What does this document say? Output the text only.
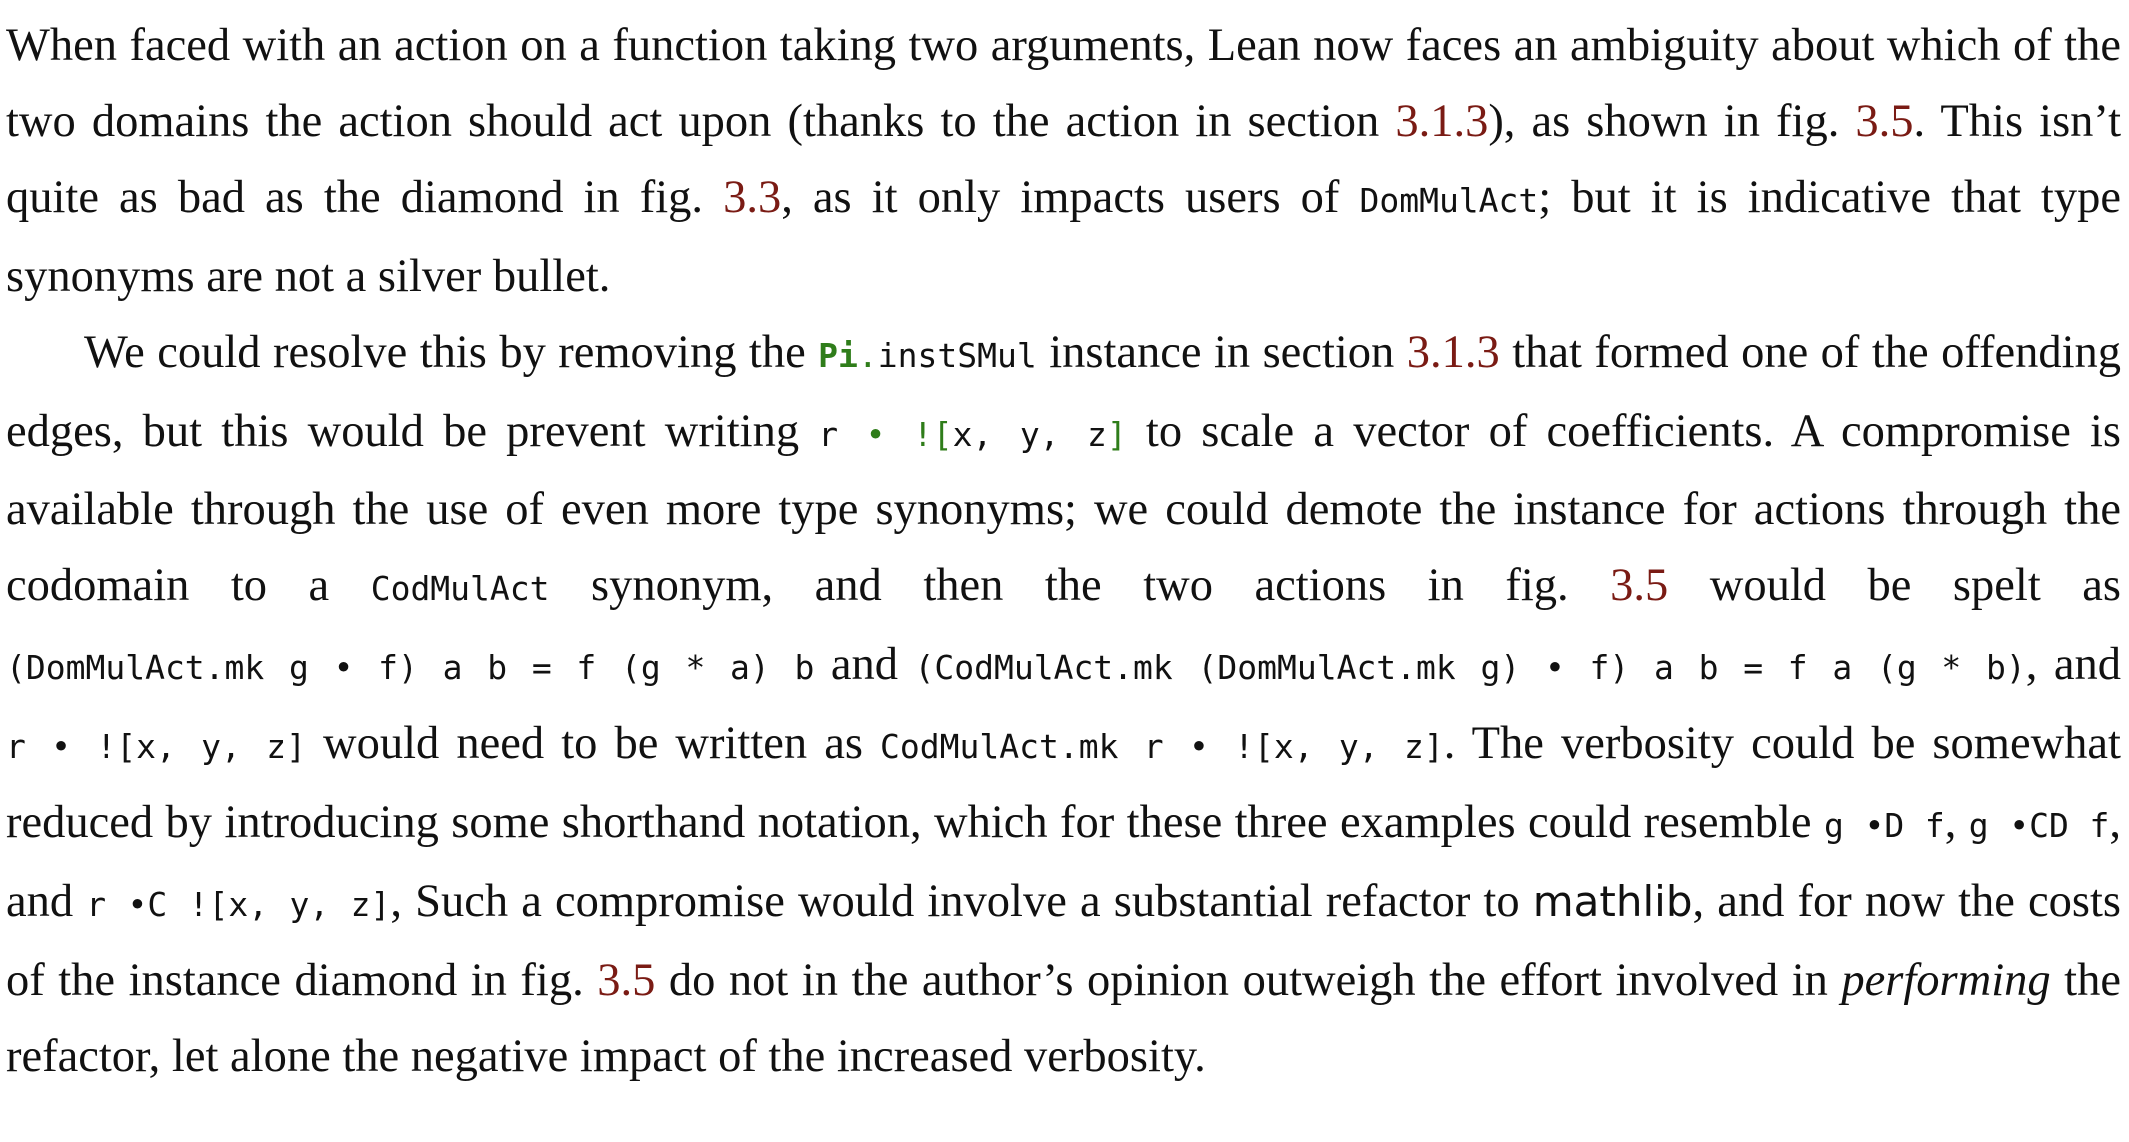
When faced with an action on a function taking two arguments, Lean now faces an ambiguity about which of the two domains the action should act upon (thanks to the action in section 3.1.3), as shown in fig. 3.5. This isn’t quite as bad as the diamond in fig. 3.3, as it only impacts users of DomMulAct; but it is indicative that type synonyms are not a silver bullet.

We could resolve this by removing the Pi.instSMul instance in section 3.1.3 that formed one of the offending edges, but this would be prevent writing r • ![x, y, z] to scale a vector of coefficients. A compromise is available through the use of even more type synonyms; we could demote the instance for actions through the codomain to a CodMulAct synonym, and then the two actions in fig. 3.5 would be spelt as (DomMulAct.mk g • f) a b = f (g * a) b and (CodMulAct.mk (DomMulAct.mk g) • f) a b = f a (g * b), and r • ![x, y, z] would need to be written as CodMulAct.mk r • ![x, y, z]. The verbosity could be somewhat reduced by introducing some shorthand notation, which for these three examples could resemble g •D f, g •CD f, and r •C ![x, y, z], Such a compromise would involve a substantial refactor to mathlib, and for now the costs of the instance diamond in fig. 3.5 do not in the author’s opinion outweigh the effort involved in performing the refactor, let alone the negative impact of the increased verbosity.
